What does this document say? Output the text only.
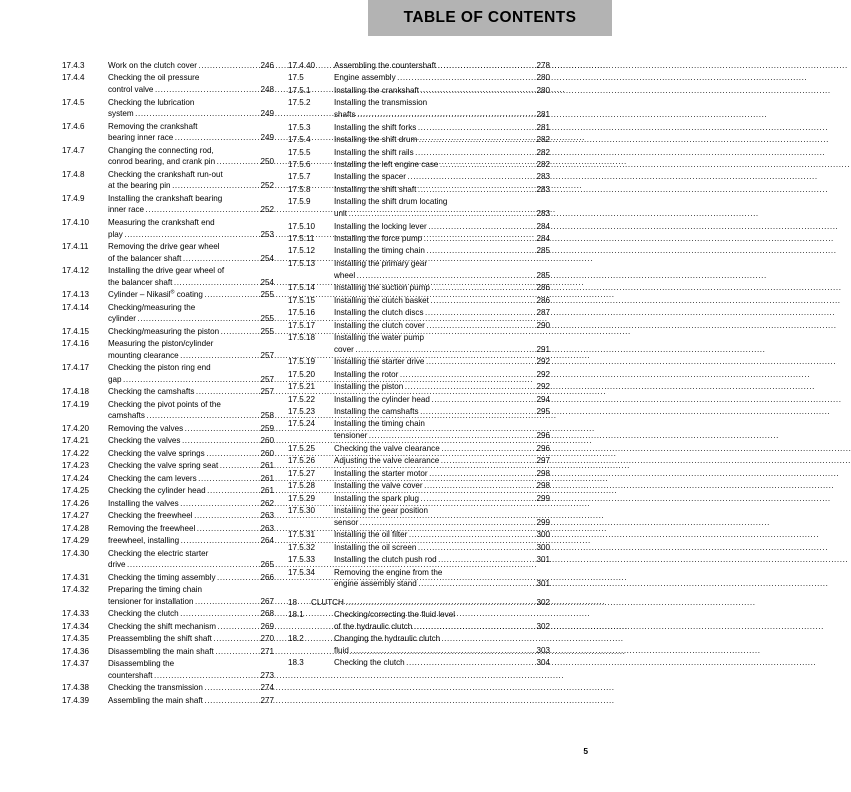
TABLE OF CONTENTS
17.4.3	Work on the clutch cover .....	246
17.4.4	Checking the oil pressure
control valve .....	248
17.4.5	Checking the lubrication
system .....	249
17.4.6	Removing the crankshaft
bearing inner race .....	249
17.4.7	Changing the connecting rod,
conrod bearing, and crank pin .....	250
17.4.8	Checking the crankshaft run-out
at the bearing pin .....	252
17.4.9	Installing the crankshaft bearing
inner race .....	252
17.4.10	Measuring the crankshaft end
play .....	253
17.4.11	Removing the drive gear wheel
of the balancer shaft .....	254
17.4.12	Installing the drive gear wheel of
the balancer shaft .....	254
17.4.13	Cylinder – Nikasil® coating .....	255
17.4.14	Checking/measuring the
cylinder .....	255
17.4.15	Checking/measuring the piston .....	255
17.4.16	Measuring the piston/cylinder
mounting clearance .....	257
17.4.17	Checking the piston ring end
gap .....	257
17.4.18	Checking the camshafts .....	257
17.4.19	Checking the pivot points of the
camshafts .....	258
17.4.20	Removing the valves .....	259
17.4.21	Checking the valves .....	260
17.4.22	Checking the valve springs .....	260
17.4.23	Checking the valve spring seat .....	261
17.4.24	Checking the cam levers .....	261
17.4.25	Checking the cylinder head .....	261
17.4.26	Installing the valves .....	262
17.4.27	Checking the freewheel .....	263
17.4.28	Removing the freewheel .....	263
17.4.29	freewheel, installing .....	264
17.4.30	Checking the electric starter
drive .....	265
17.4.31	Checking the timing assembly .....	266
17.4.32	Preparing the timing chain
tensioner for installation .....	267
17.4.33	Checking the clutch .....	268
17.4.34	Checking the shift mechanism .....	269
17.4.35	Preassembling the shift shaft .....	270
17.4.36	Disassembling the main shaft .....	271
17.4.37	Disassembling the
countershaft .....	273
17.4.38	Checking the transmission .....	274
17.4.39	Assembling the main shaft .....	277
17.4.40	Assembling the countershaft .....	278
17.5	Engine assembly .....	280
17.5.1	Installing the crankshaft .....	280
17.5.2	Installing the transmission
shafts .....	281
17.5.3	Installing the shift forks .....	281
17.5.4	Installing the shift drum .....	282
17.5.5	Installing the shift rails .....	282
17.5.6	Installing the left engine case .....	282
17.5.7	Installing the spacer .....	283
17.5.8	Installing the shift shaft .....	283
17.5.9	Installing the shift drum locating
unit .....	283
17.5.10	Installing the locking lever .....	284
17.5.11	Installing the force pump .....	284
17.5.12	Installing the timing chain .....	285
17.5.13	Installing the primary gear
wheel .....	285
17.5.14	Installing the suction pump .....	286
17.5.15	Installing the clutch basket .....	286
17.5.16	Installing the clutch discs .....	287
17.5.17	Installing the clutch cover .....	290
17.5.18	Installing the water pump
cover .....	291
17.5.19	Installing the starter drive .....	292
17.5.20	Installing the rotor .....	292
17.5.21	Installing the piston .....	292
17.5.22	Installing the cylinder head .....	294
17.5.23	Installing the camshafts .....	295
17.5.24	Installing the timing chain
tensioner .....	296
17.5.25	Checking the valve clearance .....	296
17.5.26	Adjusting the valve clearance .....	297
17.5.27	Installing the starter motor .....	298
17.5.28	Installing the valve cover .....	298
17.5.29	Installing the spark plug .....	299
17.5.30	Installing the gear position
sensor .....	299
17.5.31	Installing the oil filter .....	300
17.5.32	Installing the oil screen .....	300
17.5.33	Installing the clutch push rod .....	301
17.5.34	Removing the engine from the
engine assembly stand .....	301
18	CLUTCH .....	302
18.1	Checking/correcting the fluid level
of the hydraulic clutch .....	302
18.2	Changing the hydraulic clutch
fluid .....	303
18.3	Checking the clutch .....	304
5
